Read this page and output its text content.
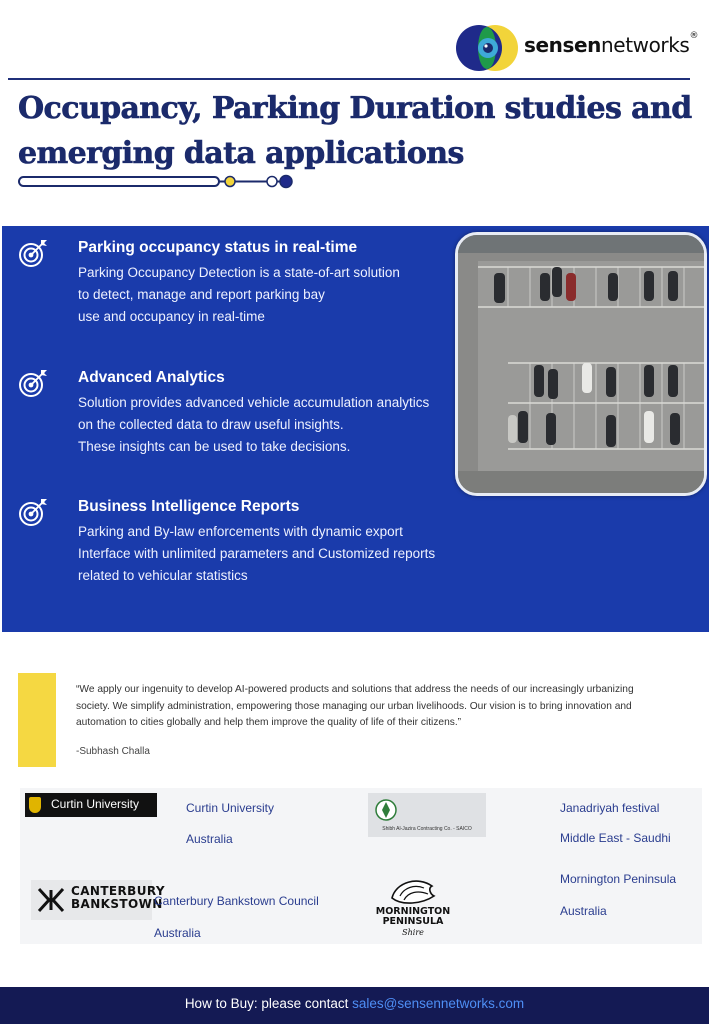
sensennetworks®
Occupancy, Parking Duration studies and
emerging data applications
Parking occupancy status in real-time
Parking Occupancy Detection is a state-of-art solution
to detect, manage and report parking bay
use and occupancy in real-time
Advanced Analytics
Solution provides advanced vehicle accumulation analytics
on the collected data to draw useful insights.
These insights can be used to take decisions.
Business Intelligence Reports
Parking and By-law enforcements with dynamic export
Interface with unlimited parameters and Customized reports
related to vehicular statistics
“We apply our ingenuity to develop AI-powered products and solutions that address the needs of our increasingly urbanizing
society. We simplify administration, empowering those managing our urban livelihoods. Our vision is to bring innovation and
automation to cities globally and help them improve the quality of life of their citizens.”
-Subhash Challa
Curtin University	Curtin University
Australia
Shibh Al-Jazira Contracting Co. - SAICO
Janadriyah festival
Middle East - Saudhi
CANTERBURY
BANKSTOWN
Canterbury Bankstown Council
Australia
MORNINGTON
PENINSULA
Shire
Mornington Peninsula
Australia
How to Buy: please contact sales@sensennetworks.com
